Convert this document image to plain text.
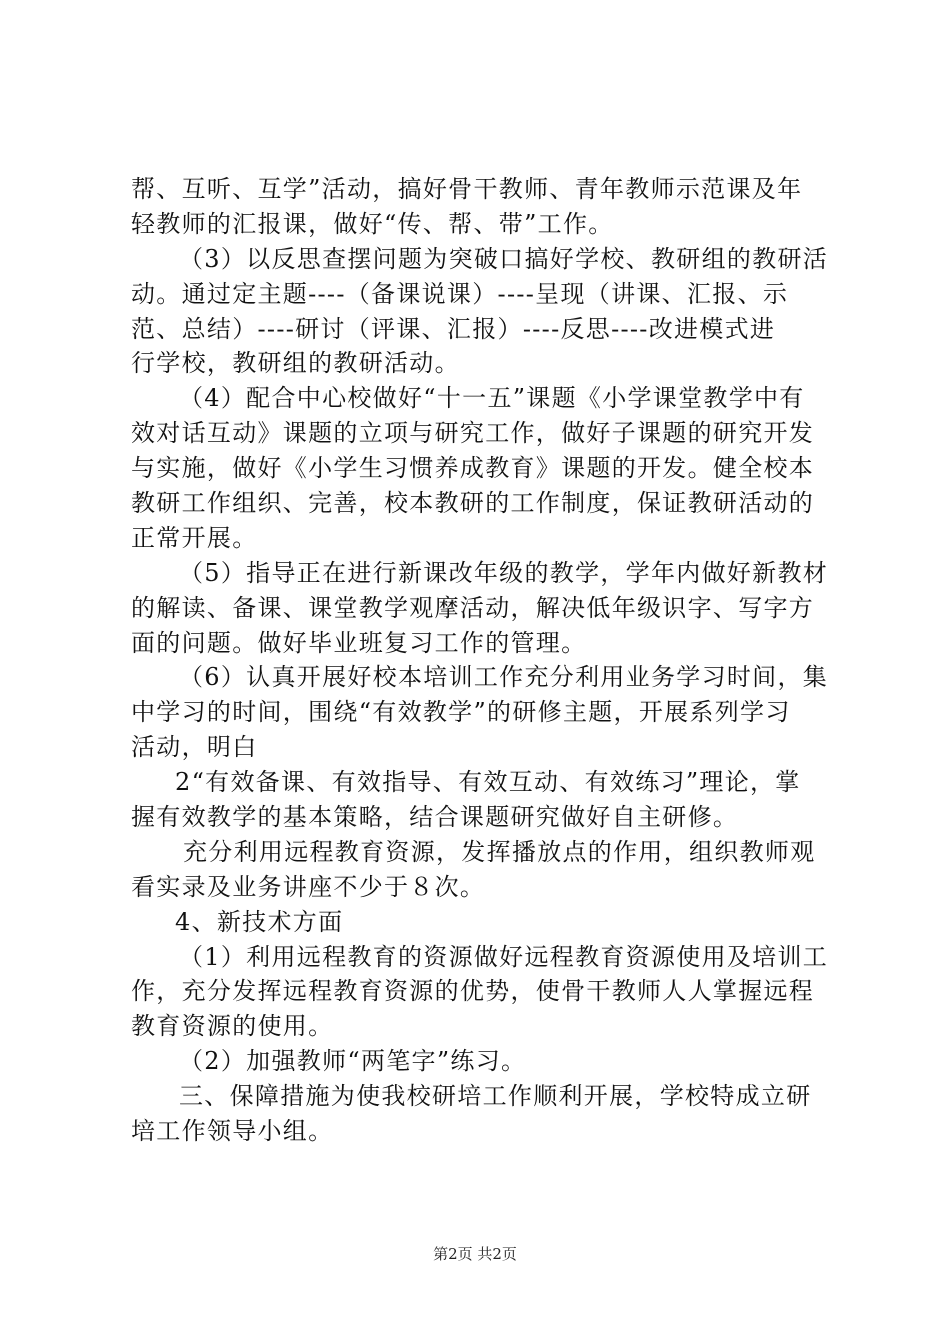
帮、互听、互学”活动，搞好骨干教师、青年教师示范课及年
轻教师的汇报课，做好“传、帮、带”工作。
（3）以反思查摆问题为突破口搞好学校、教研组的教研活
动。通过定主题----（备课说课）----呈现（讲课、汇报、示
范、总结）----研讨（评课、汇报）----反思----改进模式进
行学校，教研组的教研活动。
（4）配合中心校做好“十一五”课题《小学课堂教学中有
效对话互动》课题的立项与研究工作，做好子课题的研究开发
与实施，做好《小学生习惯养成教育》课题的开发。健全校本
教研工作组织、完善，校本教研的工作制度，保证教研活动的
正常开展。
（5）指导正在进行新课改年级的教学，学年内做好新教材
的解读、备课、课堂教学观摩活动，解决低年级识字、写字方
面的问题。做好毕业班复习工作的管理。
（6）认真开展好校本培训工作充分利用业务学习时间，集
中学习的时间，围绕“有效教学”的研修主题，开展系列学习
活动，明白
2“有效备课、有效指导、有效互动、有效练习”理论，掌
握有效教学的基本策略，结合课题研究做好自主研修。
充分利用远程教育资源，发挥播放点的作用，组织教师观
看实录及业务讲座不少于８次。
4、新技术方面
（1）利用远程教育的资源做好远程教育资源使用及培训工
作，充分发挥远程教育资源的优势，使骨干教师人人掌握远程
教育资源的使用。
（2）加强教师“两笔字”练习。
三、保障措施为使我校研培工作顺利开展，学校特成立研
培工作领导小组。
第2页 共2页
